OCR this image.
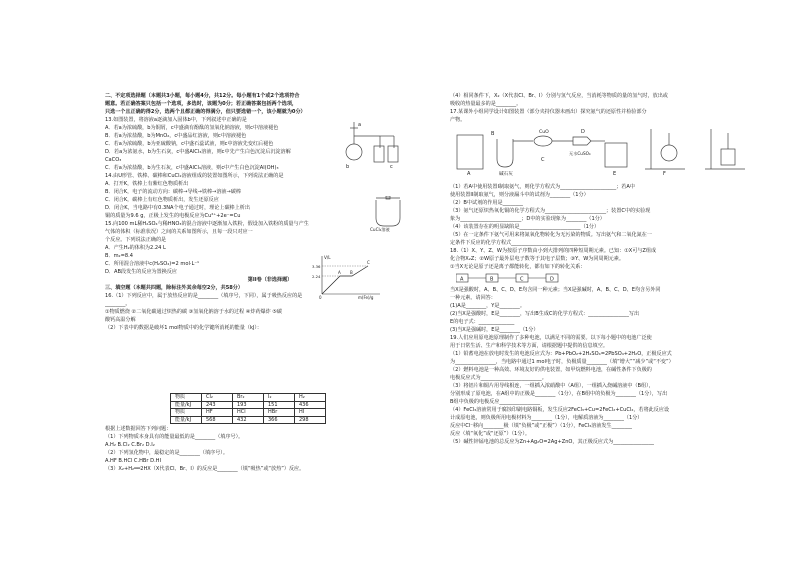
二、不定项选择题（本题共3小题，每小题4分，共12分。每小题有1个或2个选项符合
题意。若正确答案只包括一个选项，多选时，该题为0分；若正确答案包括两个选项，
只选一个且正确的得2分，选两个且都正确的得满分，但只要选错一个，该小题就为0分）
13.如图装置，将溶液a逐滴加入固体b中，下列叙述中正确的是
A．若a为浓硫酸，b为铜屑，c中盛滴有酚酞的氢氧化钠溶液，则c中溶液褪色
B．若a为浓盐酸，b为MnO₂，c中盛品红溶液，则c中溶液褪色
C．若a为浓硫酸，b为亚硫酸钠，c中盛石蕊试液，则c中溶液先变红后褪色
D．若a为浓氨水，b为生石灰，c中盛AlCl₃溶液，则c中先产生白色沉淀后沉淀溶解
CaCO₃
C．若a为浓盐酸，b为生石灰，c中盛AlCl₃溶液，则c中产生白色沉淀Al(OH)₃
14.由U形管、铁棒、碳棒和CuCl₂溶液组成的装置如图所示，下列说法正确的是
A．打开K，铁棒上有紫红色物质析出
B．闭合K，电子的流动方向：碳棒→导线→铁棒→溶液→碳棒
C．闭合K，碳棒上有红色物质析出，发生还原反应
D．闭合K，当电路中有0.3NA个电子通过时，理论上碳棒上析出
铜的质量为9.6 g，正极上发生的电极反应为Cu²⁺+2e⁻=Cu
15.向100 mL稀H₂SO₄与稀HNO₃的混合溶液中逐渐加入铁粉，假设加入铁粉的质量与产生
气体的体积（标准状况）之间的关系如图所示，且每一段只对应一
个反应。下列说法正确的是
A．产生H₂的体积为2.24 L
B．m₂=8.4
C．所用混合溶液中c(H₂SO₄)=2 mol·L⁻¹
D．AB段发生的反应为置换反应
第II卷（非选择题）
三、填空题（本题共四题，除标注外其余每空2分，共58分）
16.（1）下列反应中，属于放热反应的是________（填序号，下同），属于吸热反应的是
________。
①物质燃烧 ②二氧化碳通过炽热的碳 ③氢氧化钠溶于水的过程 ④炸药爆炸 ⑤碳
酸钙高温分解
（2）下表中的数据是破坏1 mol物质中的化学键所消耗的能量（kJ）：
物质	Cl₂	Br₂	I₂	H₂
能量/kJ	243	193	151	436
物质	HF	HCl	HBr	HI
能量/kJ	568	432	366	298
根据上述数据回答下列问题：
（1）下列物质本身具有的能量最低的是________（填序号）。
A.H₂ B.Cl₂ C.Br₂ D.I₂
（2）下列氢化物中，最稳定的是________（填序号）。
A.HF B.HCl C.HBr D.HI
（3）X₂+H₂══2HX（X代表Cl、Br、I）的反应是________（填“吸热”或“放热”）反应。
b
a
c
CuCl₂溶液
V/L
m(Fe)/g
3.36
2.24
A B
C
0
（4）相同条件下，X₂（X代表Cl、Br、I）分别与氢气反应，当消耗等物质的量的氢气时，放出或
吸收的热量最多的是________。
17.某课外小组同学设计如图装置（部分夹持仪器未画出）探究氨气的还原性并检验部分
产物。
A	碱石灰
B	CuO
C
无水CuSO₄
D
E	F
（1）若A中使用装置I制取氨气，则化学方程式为______________________；若A中
使用装置II制取氨气，则分液漏斗中的试剂为________（1分）
（2）B中试剂的作用是________
（3）氨气还原炽热氧化铜的化学方程式为________________________；装置C中的实验现
象为________________________；D中的实验现象为________（1分）
（4）该装置存在的明显缺陷是________________________（1分）
（5）在一定条件下氨气可用来将氮氧化物转化为无污染的物质。写出氨气和二氧化氮在一
定条件下反应的化学方程式______________________________
18.（1）X、Y、Z、W为按原子序数由小到大排列的四种短周期元素。已知：①X可与Z组成
化合物X₂Z；②W原子最外层电子数等于其电子层数；③Y、W为同周期元素。
①当X无论是原子还是离子都能转化，都有如下的转化关系：
A	B	C	D
当X是强酸时，A、B、C、D、E均含同一种元素；当X是强碱时，A、B、C、D、E均含另外同
一种元素。请回答：
(1)A是________，Y是________。
(2)当X是强酸时，E是________，写出B生成C的化学方程式：________________写出
E的电子式：______________
(3)当X是强碱时，E是________（1分）
19.人们应用原电池原理制作了多种电池，以满足不同的需要。以下每小题中的电池广泛使
用于日常生活、生产和科学技术等方面，请根据题中提供的信息填空。
（1）铅蓄电池在放电时发生的电池反应式为：Pb+PbO₂+2H₂SO₄=2PbSO₄+2H₂O，正极反应式
为________________，当电路中通过1 mol电子时，负极质量________（填“增大”“减少”或“不变”）
（2）燃料电池是一种高效、环境友好的供电装置，如甲烷燃料电池，在碱性条件下负极的
电极反应式为________________________。
（3）将铝片和铜片用导线相连，一组插入浓硝酸中（A组），一组插入烧碱溶液中（B组），
分别形成了原电池，在A组中的正极是________（1分），在B组中的负极为________（1分），写出
B组中负极的电极反应________________
（4）FeCl₃溶液常用于腐蚀印刷电路铜板，发生反应2FeCl₃+Cu=2FeCl₂+CuCl₂，若将此反应设
计成原电池，则负极所用电极材料为________（1分），电解质溶液为________（1分）
反应中Cl⁻移向________极（填“负极”或“正极”）（1分），FeCl₃溶液发生________
反应（填“氧化”或“还原”）（1分）。
（5）碱性锌锰电池的总反应为Zn+Ag₂O=2Ag+ZnO，其正极反应式为________________
